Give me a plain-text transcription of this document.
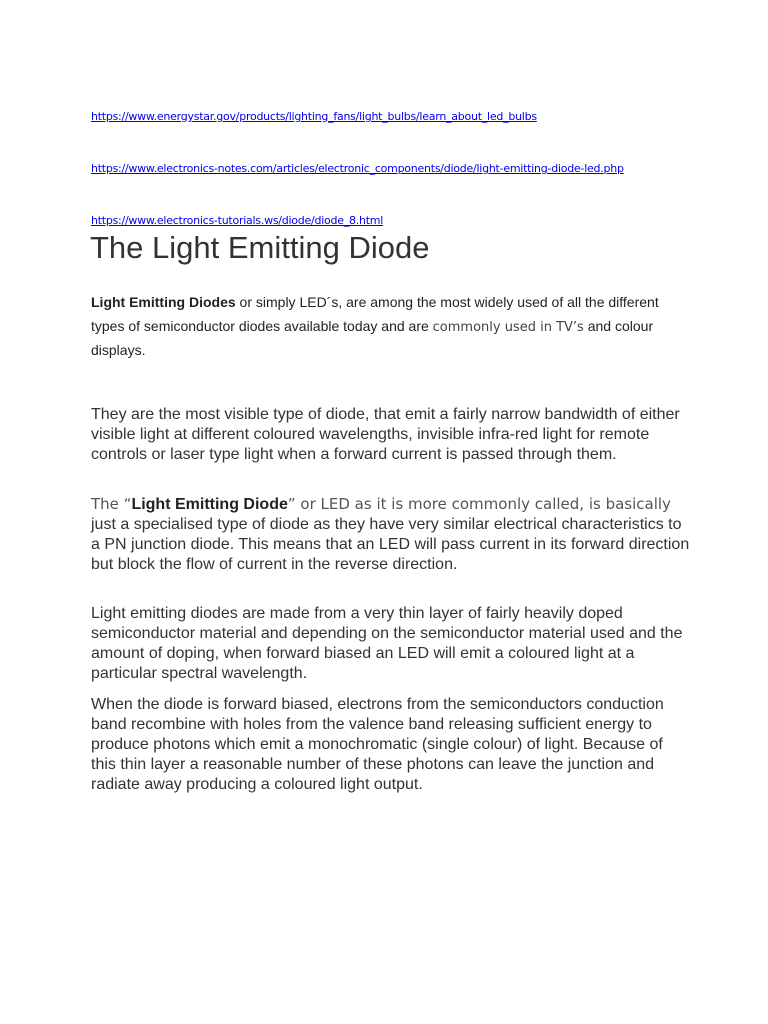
https://www.energystar.gov/products/lighting_fans/light_bulbs/learn_about_led_bulbs
https://www.electronics-notes.com/articles/electronic_components/diode/light-emitting-diode-led.php
https://www.electronics-tutorials.ws/diode/diode_8.html
The Light Emitting Diode

Light Emitting Diodes or simply LED´s, are among the most widely used of all the different types of semiconductor diodes available today and are commonly used in TV’s and colour displays.

They are the most visible type of diode, that emit a fairly narrow bandwidth of either visible light at different coloured wavelengths, invisible infra-red light for remote controls or laser type light when a forward current is passed through them.

The “Light Emitting Diode” or LED as it is more commonly called, is basically just a specialised type of diode as they have very similar electrical characteristics to a PN junction diode. This means that an LED will pass current in its forward direction but block the flow of current in the reverse direction.

Light emitting diodes are made from a very thin layer of fairly heavily doped semiconductor material and depending on the semiconductor material used and the amount of doping, when forward biased an LED will emit a coloured light at a particular spectral wavelength.

When the diode is forward biased, electrons from the semiconductors conduction band recombine with holes from the valence band releasing sufficient energy to produce photons which emit a monochromatic (single colour) of light. Because of this thin layer a reasonable number of these photons can leave the junction and radiate away producing a coloured light output.
